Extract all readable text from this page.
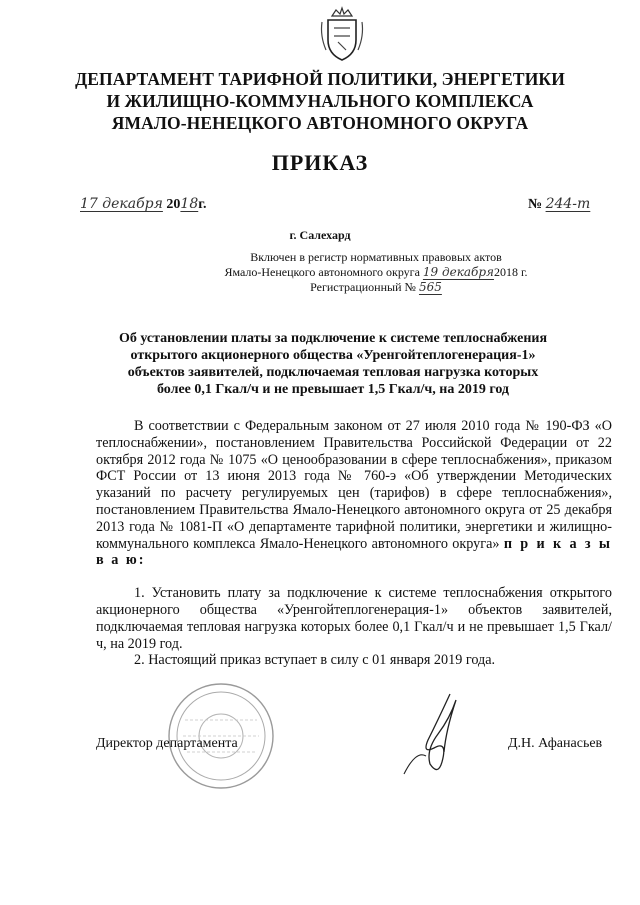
ДЕПАРТАМЕНТ ТАРИФНОЙ ПОЛИТИКИ, ЭНЕРГЕТИКИ
И ЖИЛИЩНО-КОММУНАЛЬНОГО КОМПЛЕКСА
ЯМАЛО-НЕНЕЦКОГО АВТОНОМНОГО ОКРУГА
ПРИКАЗ
17 декабря 2018г.	№ 244-т
г. Салехард
Включен в регистр нормативных правовых актов
Ямало-Ненецкого автономного округа 19 декабря2018 г.
Регистрационный № 565
Об установлении платы за подключение к системе теплоснабжения
открытого акционерного общества «Уренгойтеплогенерация-1»
объектов заявителей, подключаемая тепловая нагрузка которых
более 0,1 Гкал/ч и не превышает 1,5 Гкал/ч, на 2019 год

В соответствии с Федеральным законом от 27 июля 2010 года № 190-ФЗ «О теплоснабжении», постановлением Правительства Российской Федерации от 22 октября 2012 года № 1075 «О ценообразовании в сфере теплоснабжения», приказом ФСТ России от 13 июня 2013 года № 760-э «Об утверждении Методических указаний по расчету регулируемых цен (тарифов) в сфере теплоснабжения», постановлением Правительства Ямало-Ненецкого автономного округа от 25 декабря 2013 года № 1081-П «О департаменте тарифной политики, энергетики и жилищно-коммунального комплекса Ямало-Ненецкого автономного округа» п р и к а з ы в а ю:

1. Установить плату за подключение к системе теплоснабжения открытого акционерного общества «Уренгойтеплогенерация-1» объектов заявителей, подключаемая тепловая нагрузка которых более 0,1 Гкал/ч и не превышает 1,5 Гкал/ч, на 2019 год.

2. Настоящий приказ вступает в силу с 01 января 2019 года.

Директор департамента	Д.Н. Афанасьев
